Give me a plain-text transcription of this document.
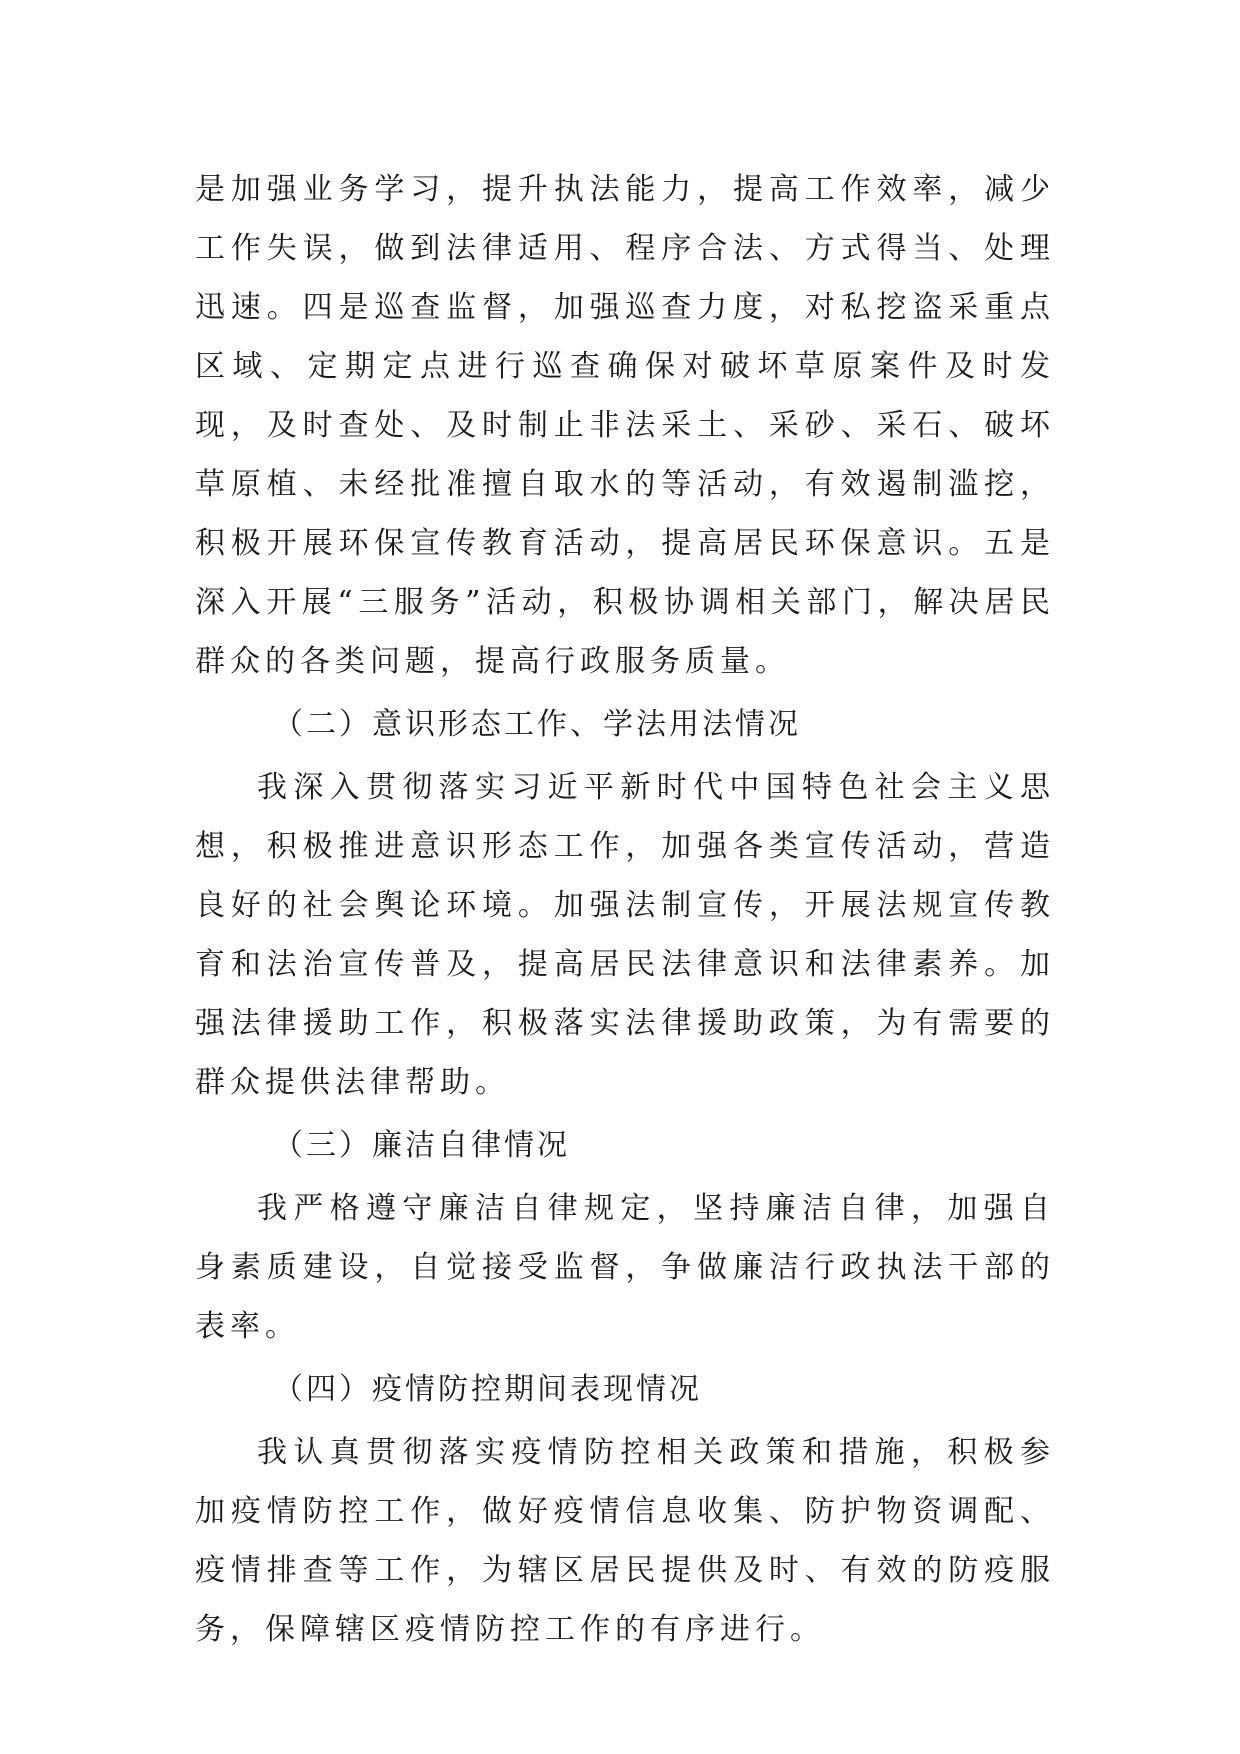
是加强业务学习，提升执法能力，提高工作效率，减少工作失误，做到法律适用、程序合法、方式得当、处理迅速。四是巡查监督，加强巡查力度，对私挖盗采重点区域、定期定点进行巡查确保对破坏草原案件及时发现，及时查处、及时制止非法采土、采砂、采石、破坏草原植、未经批准擅自取水的等活动，有效遏制滥挖，积极开展环保宣传教育活动，提高居民环保意识。五是深入开展“三服务”活动，积极协调相关部门，解决居民群众的各类问题，提高行政服务质量。

（二）意识形态工作、学法用法情况

我深入贯彻落实习近平新时代中国特色社会主义思想，积极推进意识形态工作，加强各类宣传活动，营造良好的社会舆论环境。加强法制宣传，开展法规宣传教育和法治宣传普及，提高居民法律意识和法律素养。加强法律援助工作，积极落实法律援助政策，为有需要的群众提供法律帮助。

（三）廉洁自律情况

我严格遵守廉洁自律规定，坚持廉洁自律，加强自身素质建设，自觉接受监督，争做廉洁行政执法干部的表率。

（四）疫情防控期间表现情况

我认真贯彻落实疫情防控相关政策和措施，积极参加疫情防控工作，做好疫情信息收集、防护物资调配、疫情排查等工作，为辖区居民提供及时、有效的防疫服务，保障辖区疫情防控工作的有序进行。
